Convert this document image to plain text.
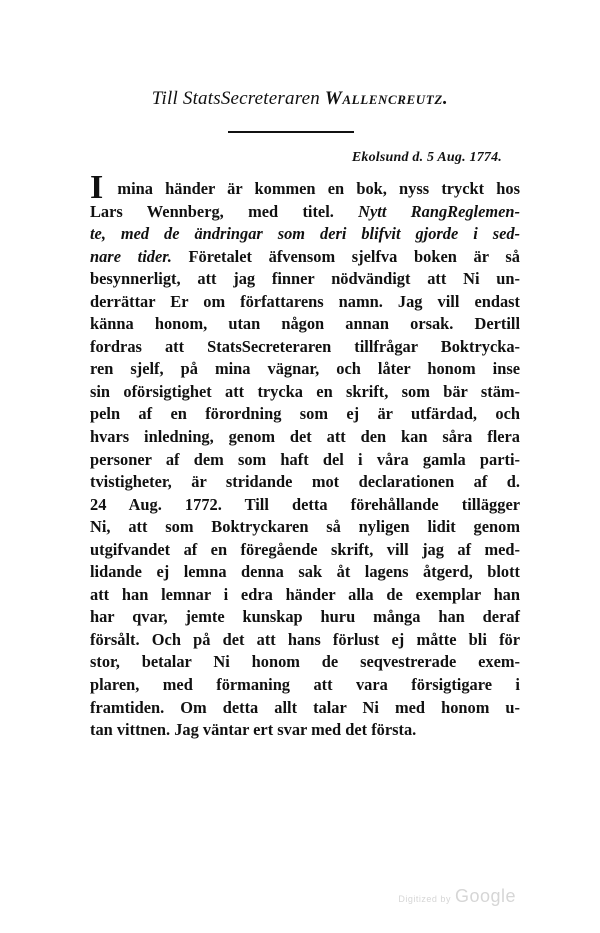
Till StatsSecreteraren Wallencreutz.
Ekolsund d. 5 Aug. 1774.
I mina händer är kommen en bok, nyss tryckt hos
Lars Wennberg, med titel. Nytt RangReglemen-
te, med de ändringar som deri blifvit gjorde i sed-
nare tider. Företalet äfvensom sjelfva boken är så
besynnerligt, att jag finner nödvändigt att Ni un-
derrättar Er om författarens namn. Jag vill endast
känna honom, utan någon annan orsak. Dertill
fordras att StatsSecreteraren tillfrågar Boktrycka-
ren sjelf, på mina vägnar, och låter honom inse
sin oförsigtighet att trycka en skrift, som bär stäm-
peln af en förordning som ej är utfärdad, och
hvars inledning, genom det att den kan såra flera
personer af dem som haft del i våra gamla parti-
tvistigheter, är stridande mot declarationen af d.
24 Aug. 1772. Till detta förehållande tillägger
Ni, att som Boktryckaren så nyligen lidit genom
utgifvandet af en föregående skrift, vill jag af med-
lidande ej lemna denna sak åt lagens åtgerd, blott
att han lemnar i edra händer alla de exemplar han
har qvar, jemte kunskap huru många han deraf
försålt. Och på det att hans förlust ej måtte bli för
stor, betalar Ni honom de seqvestrerade exem-
plaren, med förmaning att vara försigtigare i
framtiden. Om detta allt talar Ni med honom u-
tan vittnen. Jag väntar ert svar med det första.
Digitized by Google
